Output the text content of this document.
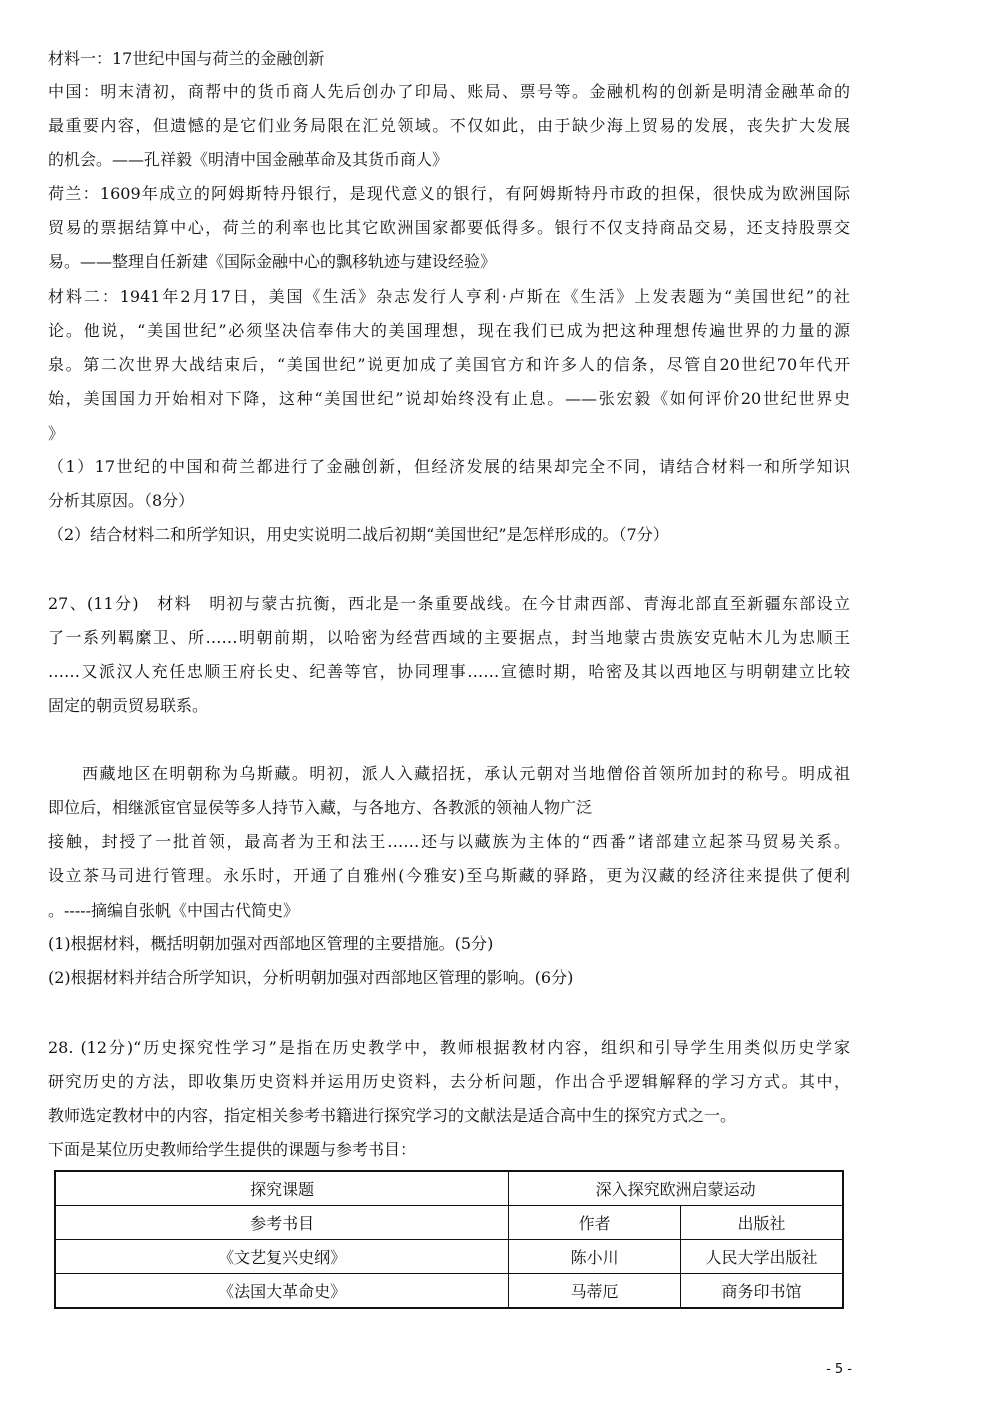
材料一：17世纪中国与荷兰的金融创新
中国：明末清初，商帮中的货币商人先后创办了印局、账局、票号等。金融机构的创新是明清金融革命的
最重要内容，但遗憾的是它们业务局限在汇兑领域。不仅如此，由于缺少海上贸易的发展，丧失扩大发展
的机会。——孔祥毅《明清中国金融革命及其货币商人》
荷兰：1609年成立的阿姆斯特丹银行，是现代意义的银行，有阿姆斯特丹市政的担保，很快成为欧洲国际
贸易的票据结算中心，荷兰的利率也比其它欧洲国家都要低得多。银行不仅支持商品交易，还支持股票交
易。——整理自任新建《国际金融中心的飘移轨迹与建设经验》
材料二：1941年2月17日，美国《生活》杂志发行人亨利·卢斯在《生活》上发表题为“美国世纪”的社
论。他说，“美国世纪”必须坚决信奉伟大的美国理想，现在我们已成为把这种理想传遍世界的力量的源
泉。第二次世界大战结束后，“美国世纪”说更加成了美国官方和许多人的信条，尽管自20世纪70年代开
始，美国国力开始相对下降，这种“美国世纪”说却始终没有止息。——张宏毅《如何评价20世纪世界史
》
（1）17世纪的中国和荷兰都进行了金融创新，但经济发展的结果却完全不同，请结合材料一和所学知识
分析其原因。（8分）
（2）结合材料二和所学知识，用史实说明二战后初期“美国世纪”是怎样形成的。（7分）
27、(11分)　材料　明初与蒙古抗衡，西北是一条重要战线。在今甘肃西部、青海北部直至新疆东部设立
了一系列羁縻卫、所……明朝前期，以哈密为经营西域的主要据点，封当地蒙古贵族安克帖木儿为忠顺王
……又派汉人充任忠顺王府长史、纪善等官，协同理事……宣德时期，哈密及其以西地区与明朝建立比较
固定的朝贡贸易联系。
西藏地区在明朝称为乌斯藏。明初，派人入藏招抚，承认元朝对当地僧俗首领所加封的称号。明成祖
即位后，相继派宦官显侯等多人持节入藏，与各地方、各教派的领袖人物广泛
接触，封授了一批首领，最高者为王和法王……还与以藏族为主体的“西番”诸部建立起茶马贸易关系。
设立茶马司进行管理。永乐时，开通了自雅州(今雅安)至乌斯藏的驿路，更为汉藏的经济往来提供了便利
。-----摘编自张帆《中国古代简史》
(1)根据材料，概括明朝加强对西部地区管理的主要措施。(5分)
(2)根据材料并结合所学知识，分析明朝加强对西部地区管理的影响。(6分)
28. (12分)“历史探究性学习”是指在历史教学中，教师根据教材内容，组织和引导学生用类似历史学家
研究历史的方法，即收集历史资料并运用历史资料，去分析问题，作出合乎逻辑解释的学习方式。其中，
教师选定教材中的内容，指定相关参考书籍进行探究学习的文献法是适合高中生的探究方式之一。
下面是某位历史教师给学生提供的课题与参考书目：
探究课题	深入探究欧洲启蒙运动	
参考书目	作者	出版社
《文艺复兴史纲》	陈小川	人民大学出版社
《法国大革命史》	马蒂厄	商务印书馆
- 5 -
